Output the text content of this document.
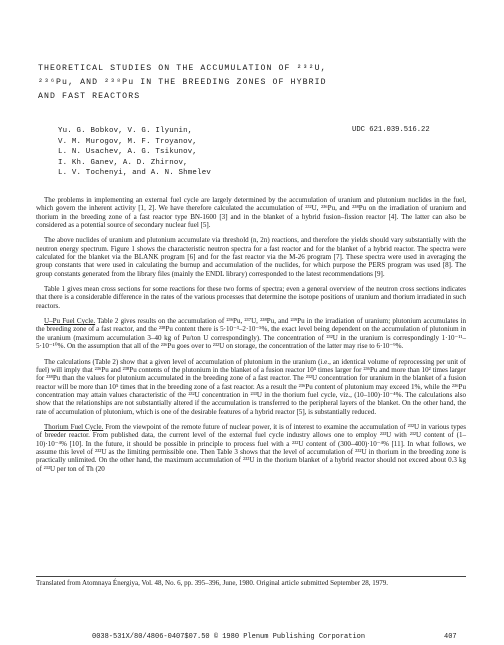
THEORETICAL STUDIES ON THE ACCUMULATION OF ²³²U,
²³⁶Pu, AND ²³⁸Pu IN THE BREEDING ZONES OF HYBRID
AND FAST REACTORS
Yu. G. Bobkov, V. G. Ilyunin,
V. M. Murogov, M. F. Troyanov,
L. N. Usachev, A. G. Tsikunov,
I. Kh. Ganev, A. D. Zhirnov,
L. V. Tochenyi, and A. N. Shmelev
UDC 621.039.516.22

The problems in implementing an external fuel cycle are largely determined by the accumulation of uranium and plutonium nuclides in the fuel, which govern the inherent activity [1, 2]. We have therefore calculated the accumulation of ²³²U, ²³⁶Pu, and ²³⁸Pu on the irradiation of uranium and thorium in the breeding zone of a fast reactor type BN-1600 [3] and in the blanket of a hybrid fusion–fission reactor [4]. The latter can also be considered as a potential source of secondary nuclear fuel [5].

The above nuclides of uranium and plutonium accumulate via threshold (n, 2n) reactions, and therefore the yields should vary substantially with the neutron energy spectrum. Figure 1 shows the characteristic neutron spectra for a fast reactor and for the blanket of a hybrid reactor. The spectra were calculated for the blanket via the BLANK program [6] and for the fast reactor via the M-26 program [7]. These spectra were used in averaging the group constants that were used in calculating the burnup and accumulation of the nuclides, for which purpose the PERS program was used [8]. The group constants generated from the library files (mainly the ENDL library) corresponded to the latest recommendations [9].

Table 1 gives mean cross sections for some reactions for these two forms of spectra; even a general overview of the neutron cross sections indicates that there is a considerable difference in the rates of the various processes that determine the isotope positions of uranium and thorium irradiated in such reactors.

U–Pu Fuel Cycle. Table 2 gives results on the accumulation of ²³⁶Pu, ²³⁷U, ²³⁸Pu, and ²³⁹Pu in the irradiation of uranium; plutonium accumulates in the breeding zone of a fast reactor, and the ²³⁸Pu content there is 5·10⁻³–2·10⁻⁵%, the exact level being dependent on the accumulation of plutonium in the uranium (maximum accumulation 3–40 kg of Pu/ton U correspondingly). The concentration of ²³²U in the uranium is correspondingly 1·10⁻¹¹–5·10⁻¹⁰%. On the assumption that all of the ²³⁶Pu goes over to ²³²U on storage, the concentration of the latter may rise to 6·10⁻⁹%.

The calculations (Table 2) show that a given level of accumulation of plutonium in the uranium (i.e., an identical volume of reprocessing per unit of fuel) will imply that ²³⁶Pu and ²³⁸Pu contents of the plutonium in the blanket of a fusion reactor 10⁵ times larger for ²³⁶Pu and more than 10² times larger for ²³⁸Pu than the values for plutonium accumulated in the breeding zone of a fast reactor. The ²³²U concentration for uranium in the blanket of a fusion reactor will be more than 10⁵ times that in the breeding zone of a fast reactor. As a result the ²³⁶Pu content of plutonium may exceed 1%, while the ²³⁶Pu concentration may attain values characteristic of the ²³²U concentration in ²³³U in the thorium fuel cycle, viz., (10–100)·10⁻⁴%. The calculations also show that the relationships are not substantially altered if the accumulation is transferred to the peripheral layers of the blanket. On the other hand, the rate of accumulation of plutonium, which is one of the desirable features of a hybrid reactor [5], is substantially reduced.

Thorium Fuel Cycle. From the viewpoint of the remote future of nuclear power, it is of interest to examine the accumulation of ²³²U in various types of breeder reactor. From published data, the current level of the external fuel cycle industry allows one to employ ²³³U with ²³²U content of (1–10)·10⁻⁴% [10]. In the future, it should be possible in principle to process fuel with a ²³²U content of (300–400)·10⁻⁴% [11]. In what follows, we assume this level of ²³²U as the limiting permissible one. Then Table 3 shows that the level of accumulation of ²³²U in thorium in the breeding zone is practically unlimited. On the other hand, the maximum accumulation of ²³³U in the thorium blanket of a hybrid reactor should not exceed about 0.3 kg of ²³³U per ton of Th (20

Translated from Atomnaya Énergiya, Vol. 48, No. 6, pp. 395–396, June, 1980. Original article submitted September 28, 1979.
0038-531X/80/4806-0407$07.50 © 1980 Plenum Publishing Corporation	407
